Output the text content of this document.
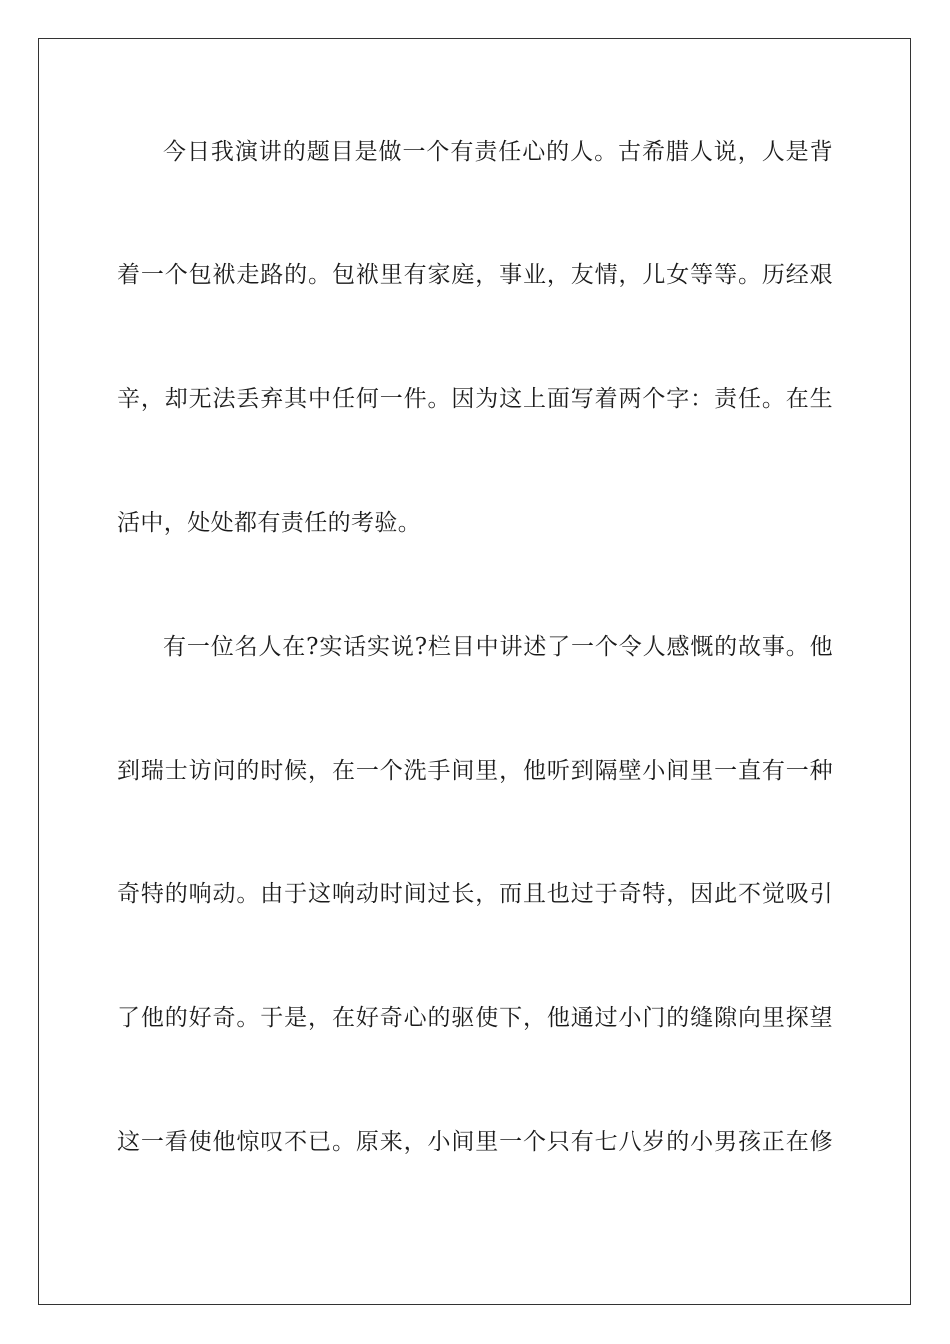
今日我演讲的题目是做一个有责任心的人。古希腊人说，人是背
着一个包袱走路的。包袱里有家庭，事业，友情，儿女等等。历经艰
辛，却无法丢弃其中任何一件。因为这上面写着两个字：责任。在生
活中，处处都有责任的考验。
有一位名人在?实话实说?栏目中讲述了一个令人感慨的故事。他
到瑞士访问的时候，在一个洗手间里，他听到隔壁小间里一直有一种
奇特的响动。由于这响动时间过长，而且也过于奇特，因此不觉吸引
了他的好奇。于是，在好奇心的驱使下，他通过小门的缝隙向里探望
这一看使他惊叹不已。原来，小间里一个只有七八岁的小男孩正在修
